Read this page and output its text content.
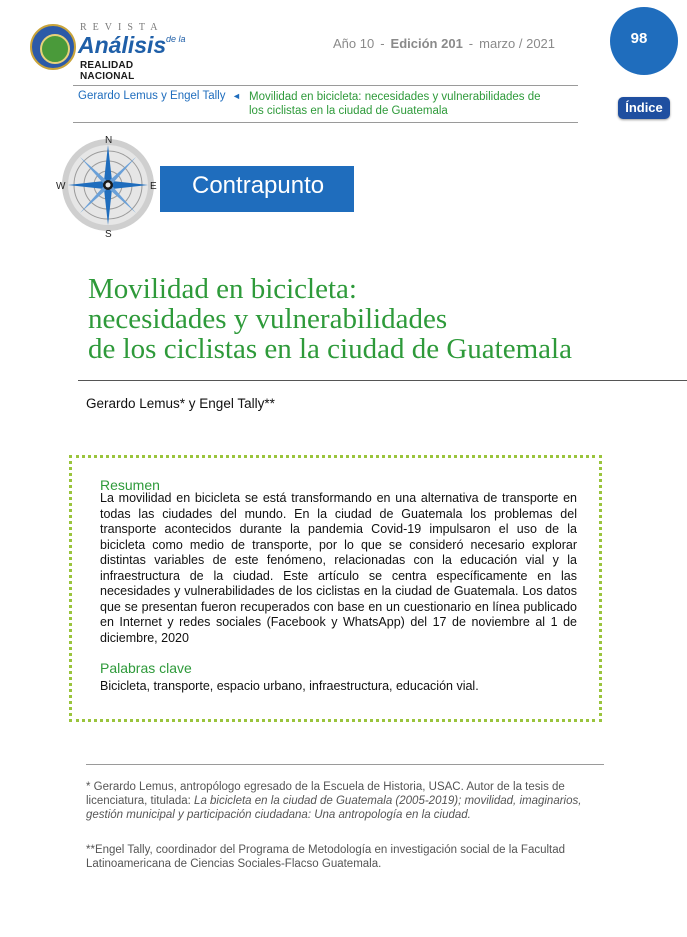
REVISTA
Análisis de la
REALIDAD NACIONAL
Año 10 - Edición 201 - marzo / 2021	98
Gerardo Lemus y Engel Tally ◄ Movilidad en bicicleta: necesidades y vulnerabilidades de los ciclistas en la ciudad de Guatemala	Índice
Contrapunto
N
S
W	E
Movilidad en bicicleta:
necesidades y vulnerabilidades
de los ciclistas en la ciudad de Guatemala
Gerardo Lemus* y Engel Tally**
Resumen
La movilidad en bicicleta se está transformando en una alternativa de transporte en todas las ciudades del mundo. En la ciudad de Guatemala los problemas del transporte acontecidos durante la pandemia Covid-19 impulsaron el uso de la bicicleta como medio de transporte, por lo que se consideró necesario explorar distintas variables de este fenómeno, relacionadas con la educación vial y la infraestructura de la ciudad. Este artículo se centra específicamente en las necesidades y vulnerabilidades de los ciclistas en la ciudad de Guatemala. Los datos que se presentan fueron recuperados con base en un cuestionario en línea publicado en Internet y redes sociales (Facebook y WhatsApp) del 17 de noviembre al 1 de diciembre, 2020
Palabras clave
Bicicleta, transporte, espacio urbano, infraestructura, educación vial.
* Gerardo Lemus, antropólogo egresado de la Escuela de Historia, USAC. Autor de la tesis de licenciatura, titulada: La bicicleta en la ciudad de Guatemala (2005-2019); movilidad, imaginarios, gestión municipal y participación ciudadana: Una antropología en la ciudad.
**Engel Tally, coordinador del Programa de Metodología en investigación social de la Facultad Latinoamericana de Ciencias Sociales-Flacso Guatemala.
